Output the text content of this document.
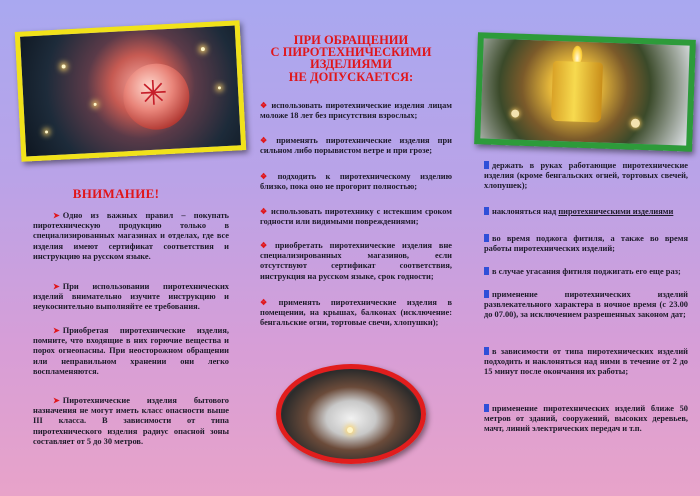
✳
ВНИМАНИЕ!
➤ Одно из важных правил – покупать пиротехническую продукцию только в специализированных магазинах и отделах, где все изделия имеют сертификат соответствия и инструкцию на русском языке.
➤ При использовании пиротехнических изделий внимательно изучите инструкцию и неукоснительно выполняйте ее требования.
➤ Приобретая пиротехнические изделия, помните, что входящие в них горючие вещества и порох огнеопасны. При неосторожном обращении или неправильном хранении они легко воспламеняются.
➤ Пиротехнические изделия бытового назначения не могут иметь класс опасности выше III класса. В зависимости от типа пиротехнического изделия радиус опасной зоны составляет от 5 до 30 метров.
ПРИ ОБРАЩЕНИИ
С ПИРОТЕХНИЧЕСКИМИ
ИЗДЕЛИЯМИ
НЕ ДОПУСКАЕТСЯ:
❖ использовать пиротехнические изделия лицам моложе 18 лет без присутствия взрослых;
❖ применять пиротехнические изделия при сильном либо порывистом ветре и при грозе;
❖ подходить к пиротехническому изделию близко, пока оно не прогорит полностью;
❖ использовать пиротехнику с истекшим сроком годности или видимыми повреждениями;
❖ приобретать пиротехнические изделия вне специализированных магазинов, если отсутствуют сертификат соответствия, инструкция на русском языке, срок годности;
❖ применять пиротехнические изделия в помещении, на крышах, балконах (исключение: бенгальские огни, тортовые свечи, хлопушки);
держать в руках работающие пиротехнические изделия (кроме бенгальских огней, тортовых свечей, хлопушек);
наклоняться над пиротехническими изделиями
во время поджога фитиля, а также во время работы пиротехнических изделий;
в случае угасания фитиля поджигать его еще раз;
применение пиротехнических изделий развлекательного характера в ночное время (с 23.00 до 07.00), за исключением разрешенных законом дат;
в зависимости от типа пиротехнических изделий подходить и наклоняться над ними в течение от 2 до 15 минут после окончания их работы;
применение пиротехнических изделий ближе 50 метров от зданий, сооружений, высоких деревьев, мачт, линий электрических передач и т.п.
